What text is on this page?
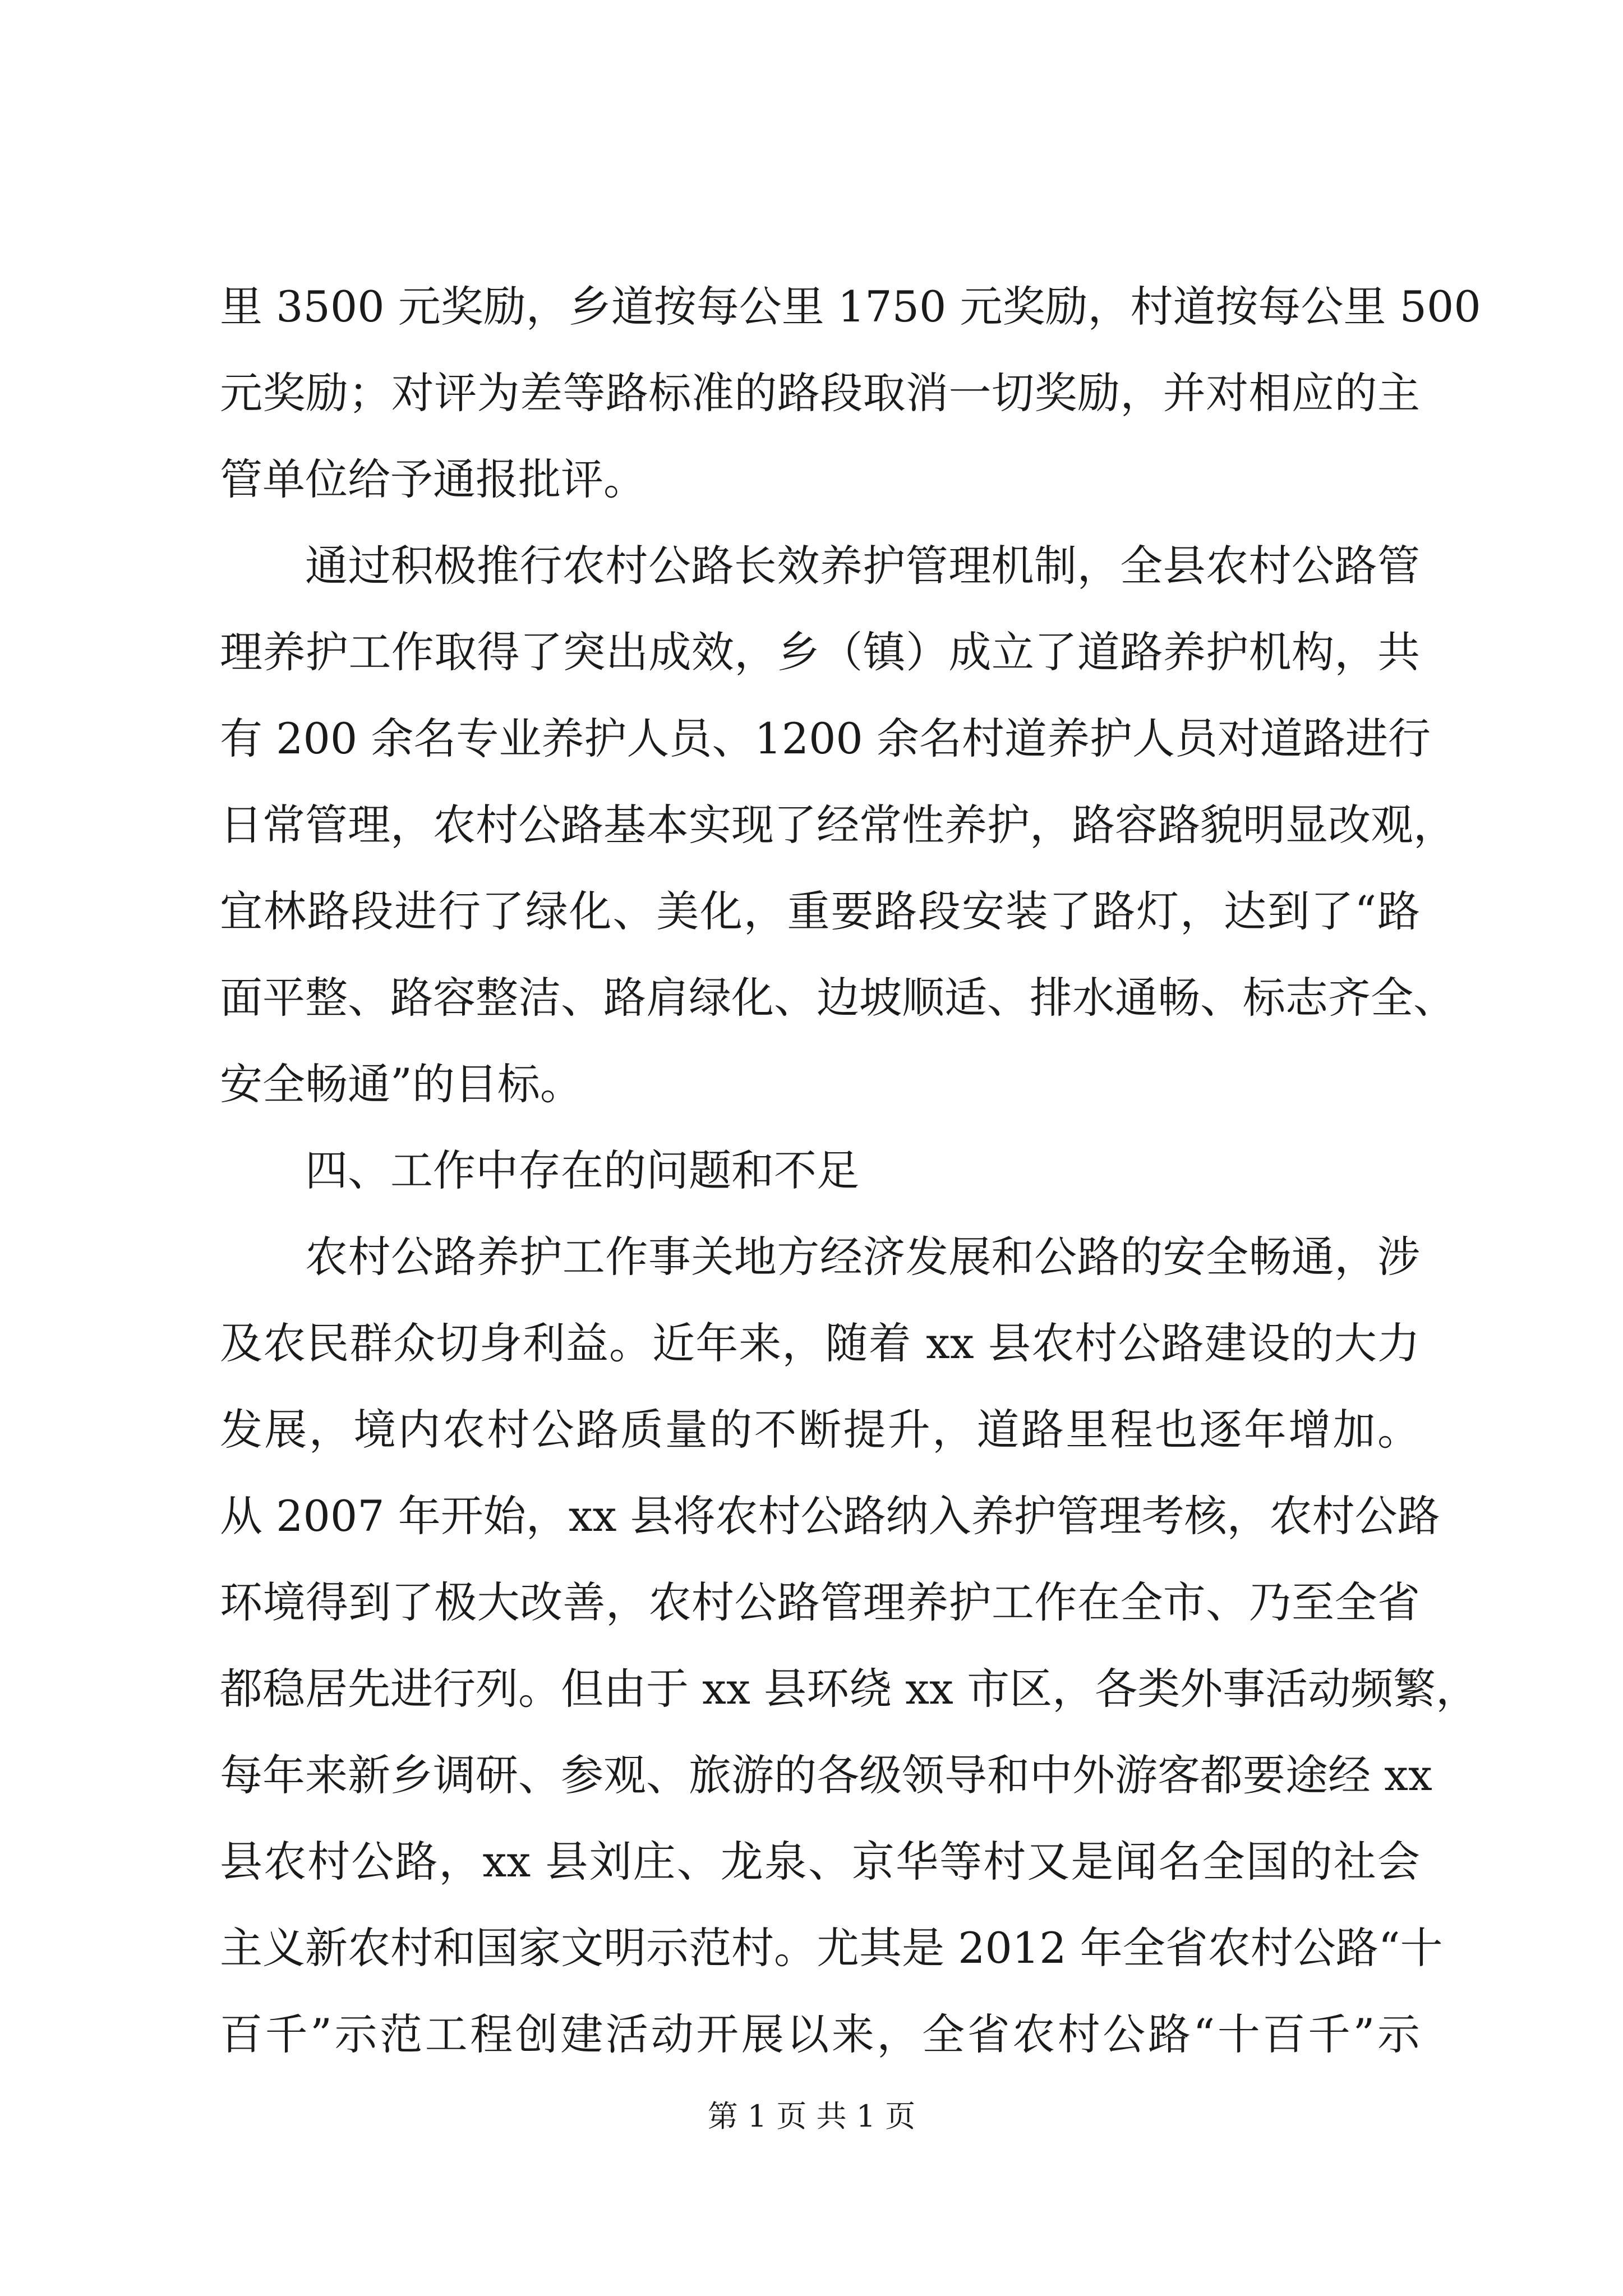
里 3500 元奖励，乡道按每公里 1750 元奖励，村道按每公里 500
元奖励；对评为差等路标准的路段取消一切奖励，并对相应的主
管单位给予通报批评。
通过积极推行农村公路长效养护管理机制，全县农村公路管
理养护工作取得了突出成效，乡（镇）成立了道路养护机构，共
有 200 余名专业养护人员、1200 余名村道养护人员对道路进行
日常管理，农村公路基本实现了经常性养护，路容路貌明显改观，
宜林路段进行了绿化、美化，重要路段安装了路灯，达到了“路
面平整、路容整洁、路肩绿化、边坡顺适、排水通畅、标志齐全、
安全畅通”的目标。
四、工作中存在的问题和不足
农村公路养护工作事关地方经济发展和公路的安全畅通，涉
及农民群众切身利益。近年来，随着 xx 县农村公路建设的大力
发展，境内农村公路质量的不断提升，道路里程也逐年增加。
从 2007 年开始，xx 县将农村公路纳入养护管理考核，农村公路
环境得到了极大改善，农村公路管理养护工作在全市、乃至全省
都稳居先进行列。但由于 xx 县环绕 xx 市区，各类外事活动频繁，
每年来新乡调研、参观、旅游的各级领导和中外游客都要途经 xx
县农村公路，xx 县刘庄、龙泉、京华等村又是闻名全国的社会
主义新农村和国家文明示范村。尤其是 2012 年全省农村公路“十
百千”示范工程创建活动开展以来，全省农村公路“十百千”示
第 1 页 共 1 页
